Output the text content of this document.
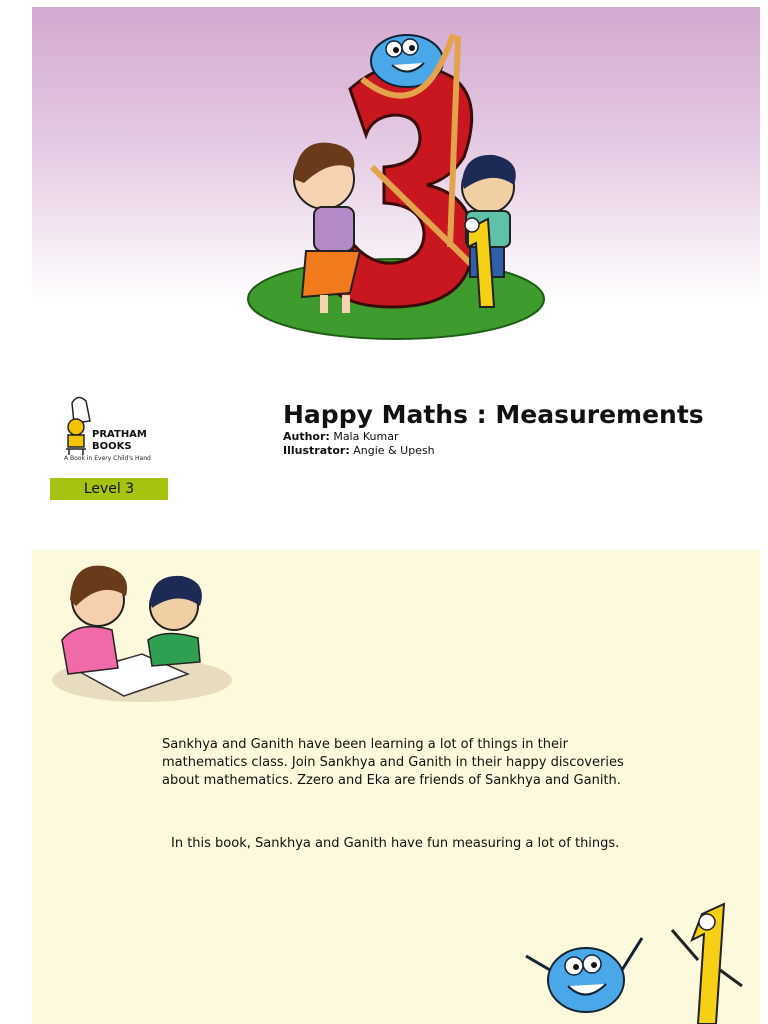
PRATHAM
BOOKS
A Book in Every Child's Hand
Level 3
Happy Maths : Measurements
Author: Mala Kumar
Illustrator: Angie & Upesh

Sankhya and Ganith have been learning a lot of things in their mathematics class. Join Sankhya and Ganith in their happy discoveries about mathematics. Zzero and Eka are friends of Sankhya and Ganith.

In this book, Sankhya and Ganith have fun measuring a lot of things.
